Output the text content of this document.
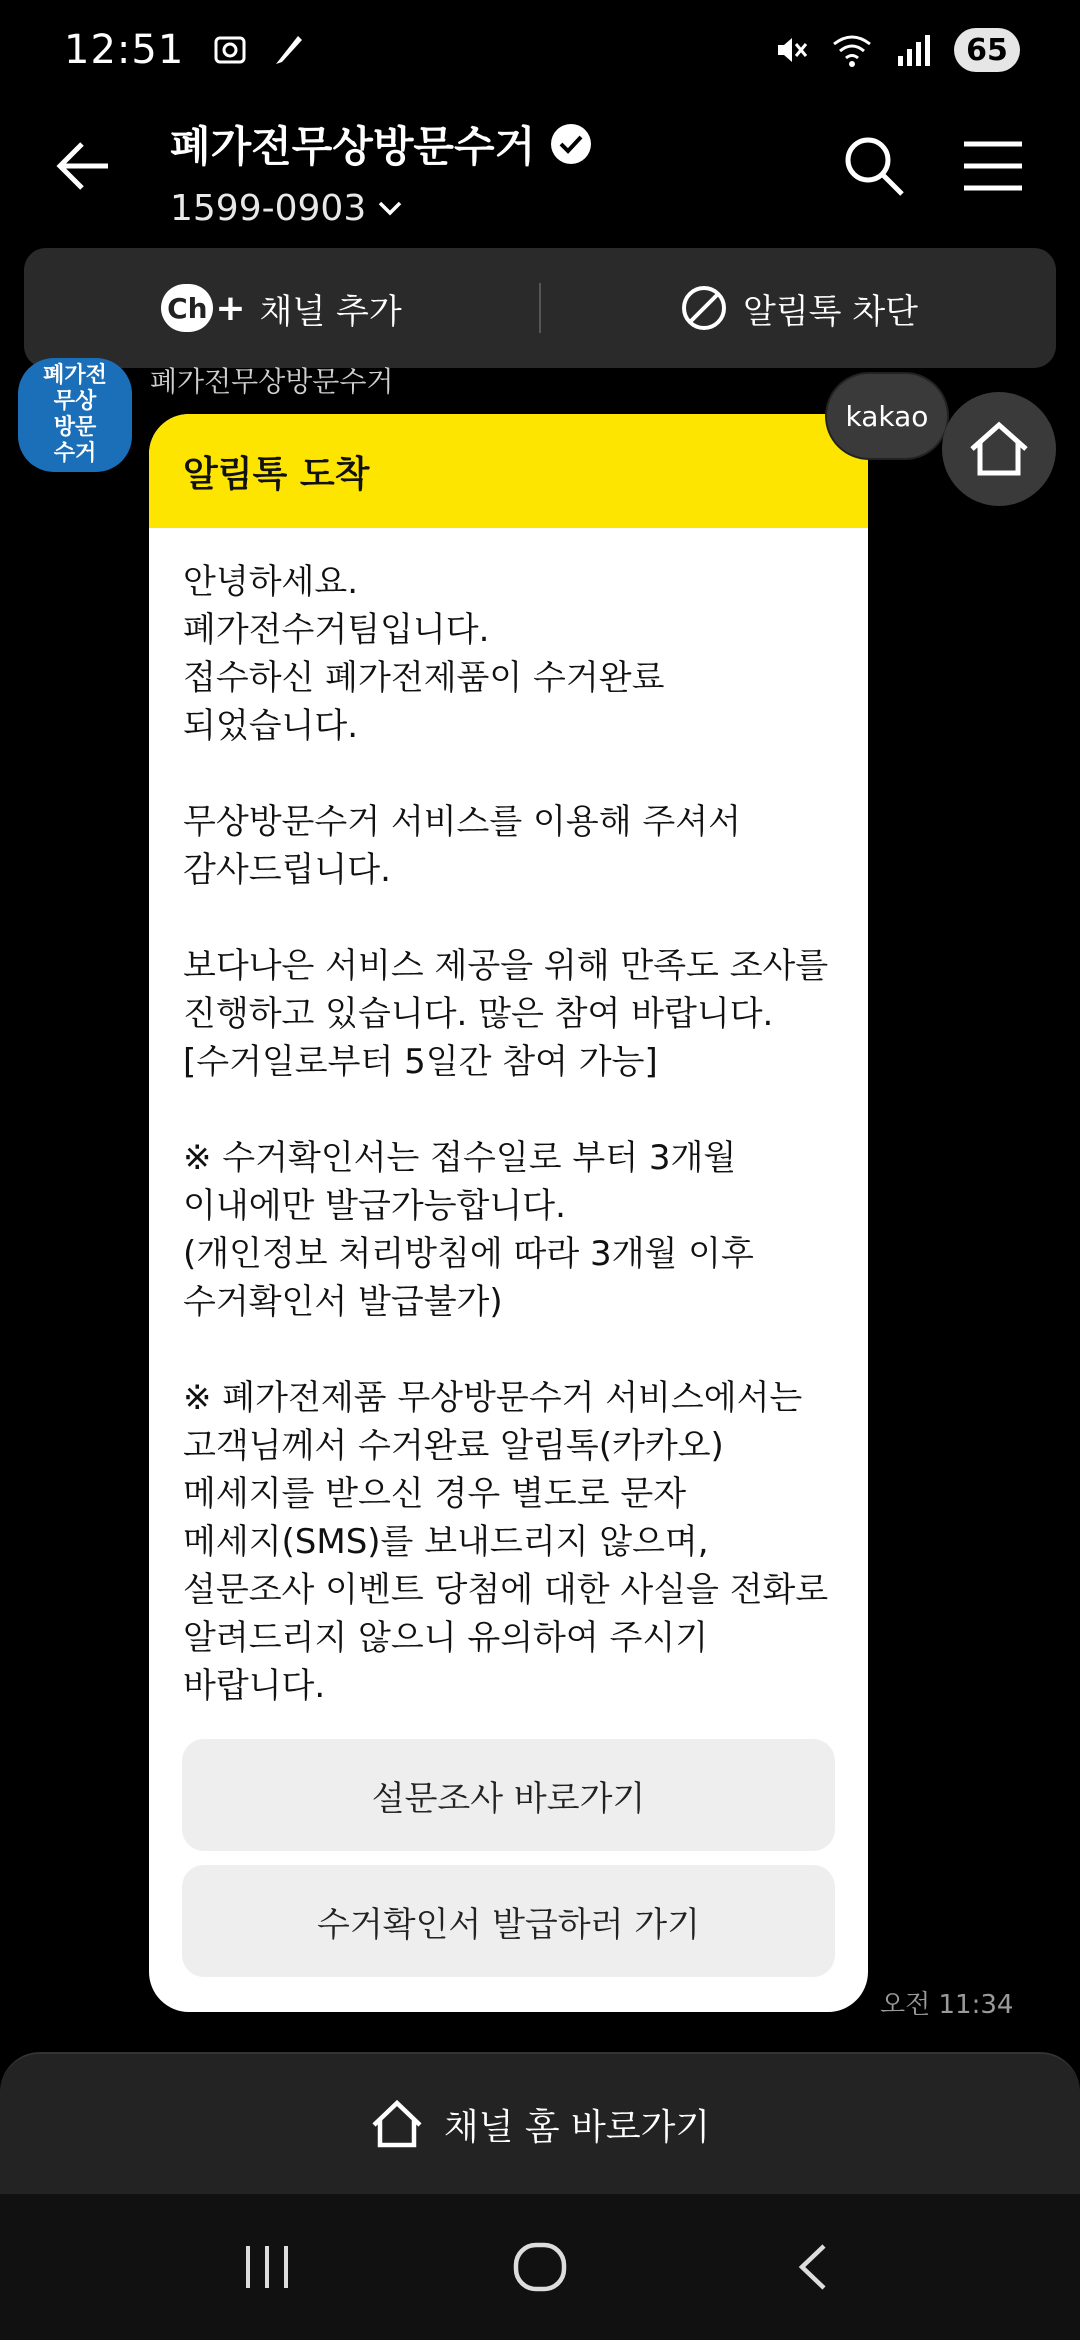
12:51	65
폐가전무상방문수거
1599-0903
Ch + 채널 추가	알림톡 차단
폐가전
무상
방문
수거
폐가전무상방문수거
알림톡 도착
안녕하세요.
폐가전수거팀입니다.
접수하신 폐가전제품이 수거완료
되었습니다.

무상방문수거 서비스를 이용해 주셔서
감사드립니다.

보다나은 서비스 제공을 위해 만족도 조사를
진행하고 있습니다. 많은 참여 바랍니다.
[수거일로부터 5일간 참여 가능]

※ 수거확인서는 접수일로 부터 3개월
이내에만 발급가능합니다.
(개인정보 처리방침에 따라 3개월 이후
수거확인서 발급불가)

※ 폐가전제품 무상방문수거 서비스에서는
고객님께서 수거완료 알림톡(카카오)
메세지를 받으신 경우 별도로 문자
메세지(SMS)를 보내드리지 않으며,
설문조사 이벤트 당첨에 대한 사실을 전화로
알려드리지 않으니 유의하여 주시기
바랍니다.
설문조사 바로가기
수거확인서 발급하러 가기
kakao
오전 11:34
채널 홈 바로가기
